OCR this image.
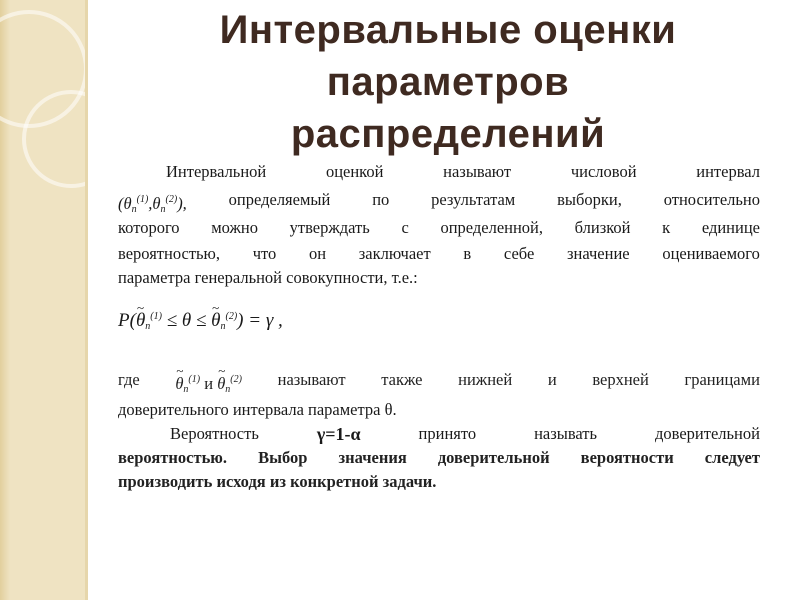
Интервальные оценки
параметров
распределений
Интервальной	оценкой	называют	числовой	интервал
$(\theta_n^{(1)},\theta_n^{(2)})$,	определяемый	по	результатам	выборки,	относительно
которого можно утверждать с определенной, близкой к единице
вероятностью, что он заключает в себе значение оцениваемого
параметра генеральной совокупности, т.е.:
P(~ $\theta_n^{(1)} \le \theta$ ≤ ~ $\theta_n^{(2)}) = \gamma$ ,
где ~ $\theta_n^{(1)}$ и ~ $\theta_n^{(2)}$ называют также нижней и верхней границами
доверительного интервала параметра θ.
Вероятность	γ=1-α	принято	называть	доверительной
вероятностью. Выбор значения доверительной вероятности следует
производить исходя из конкретной задачи.
